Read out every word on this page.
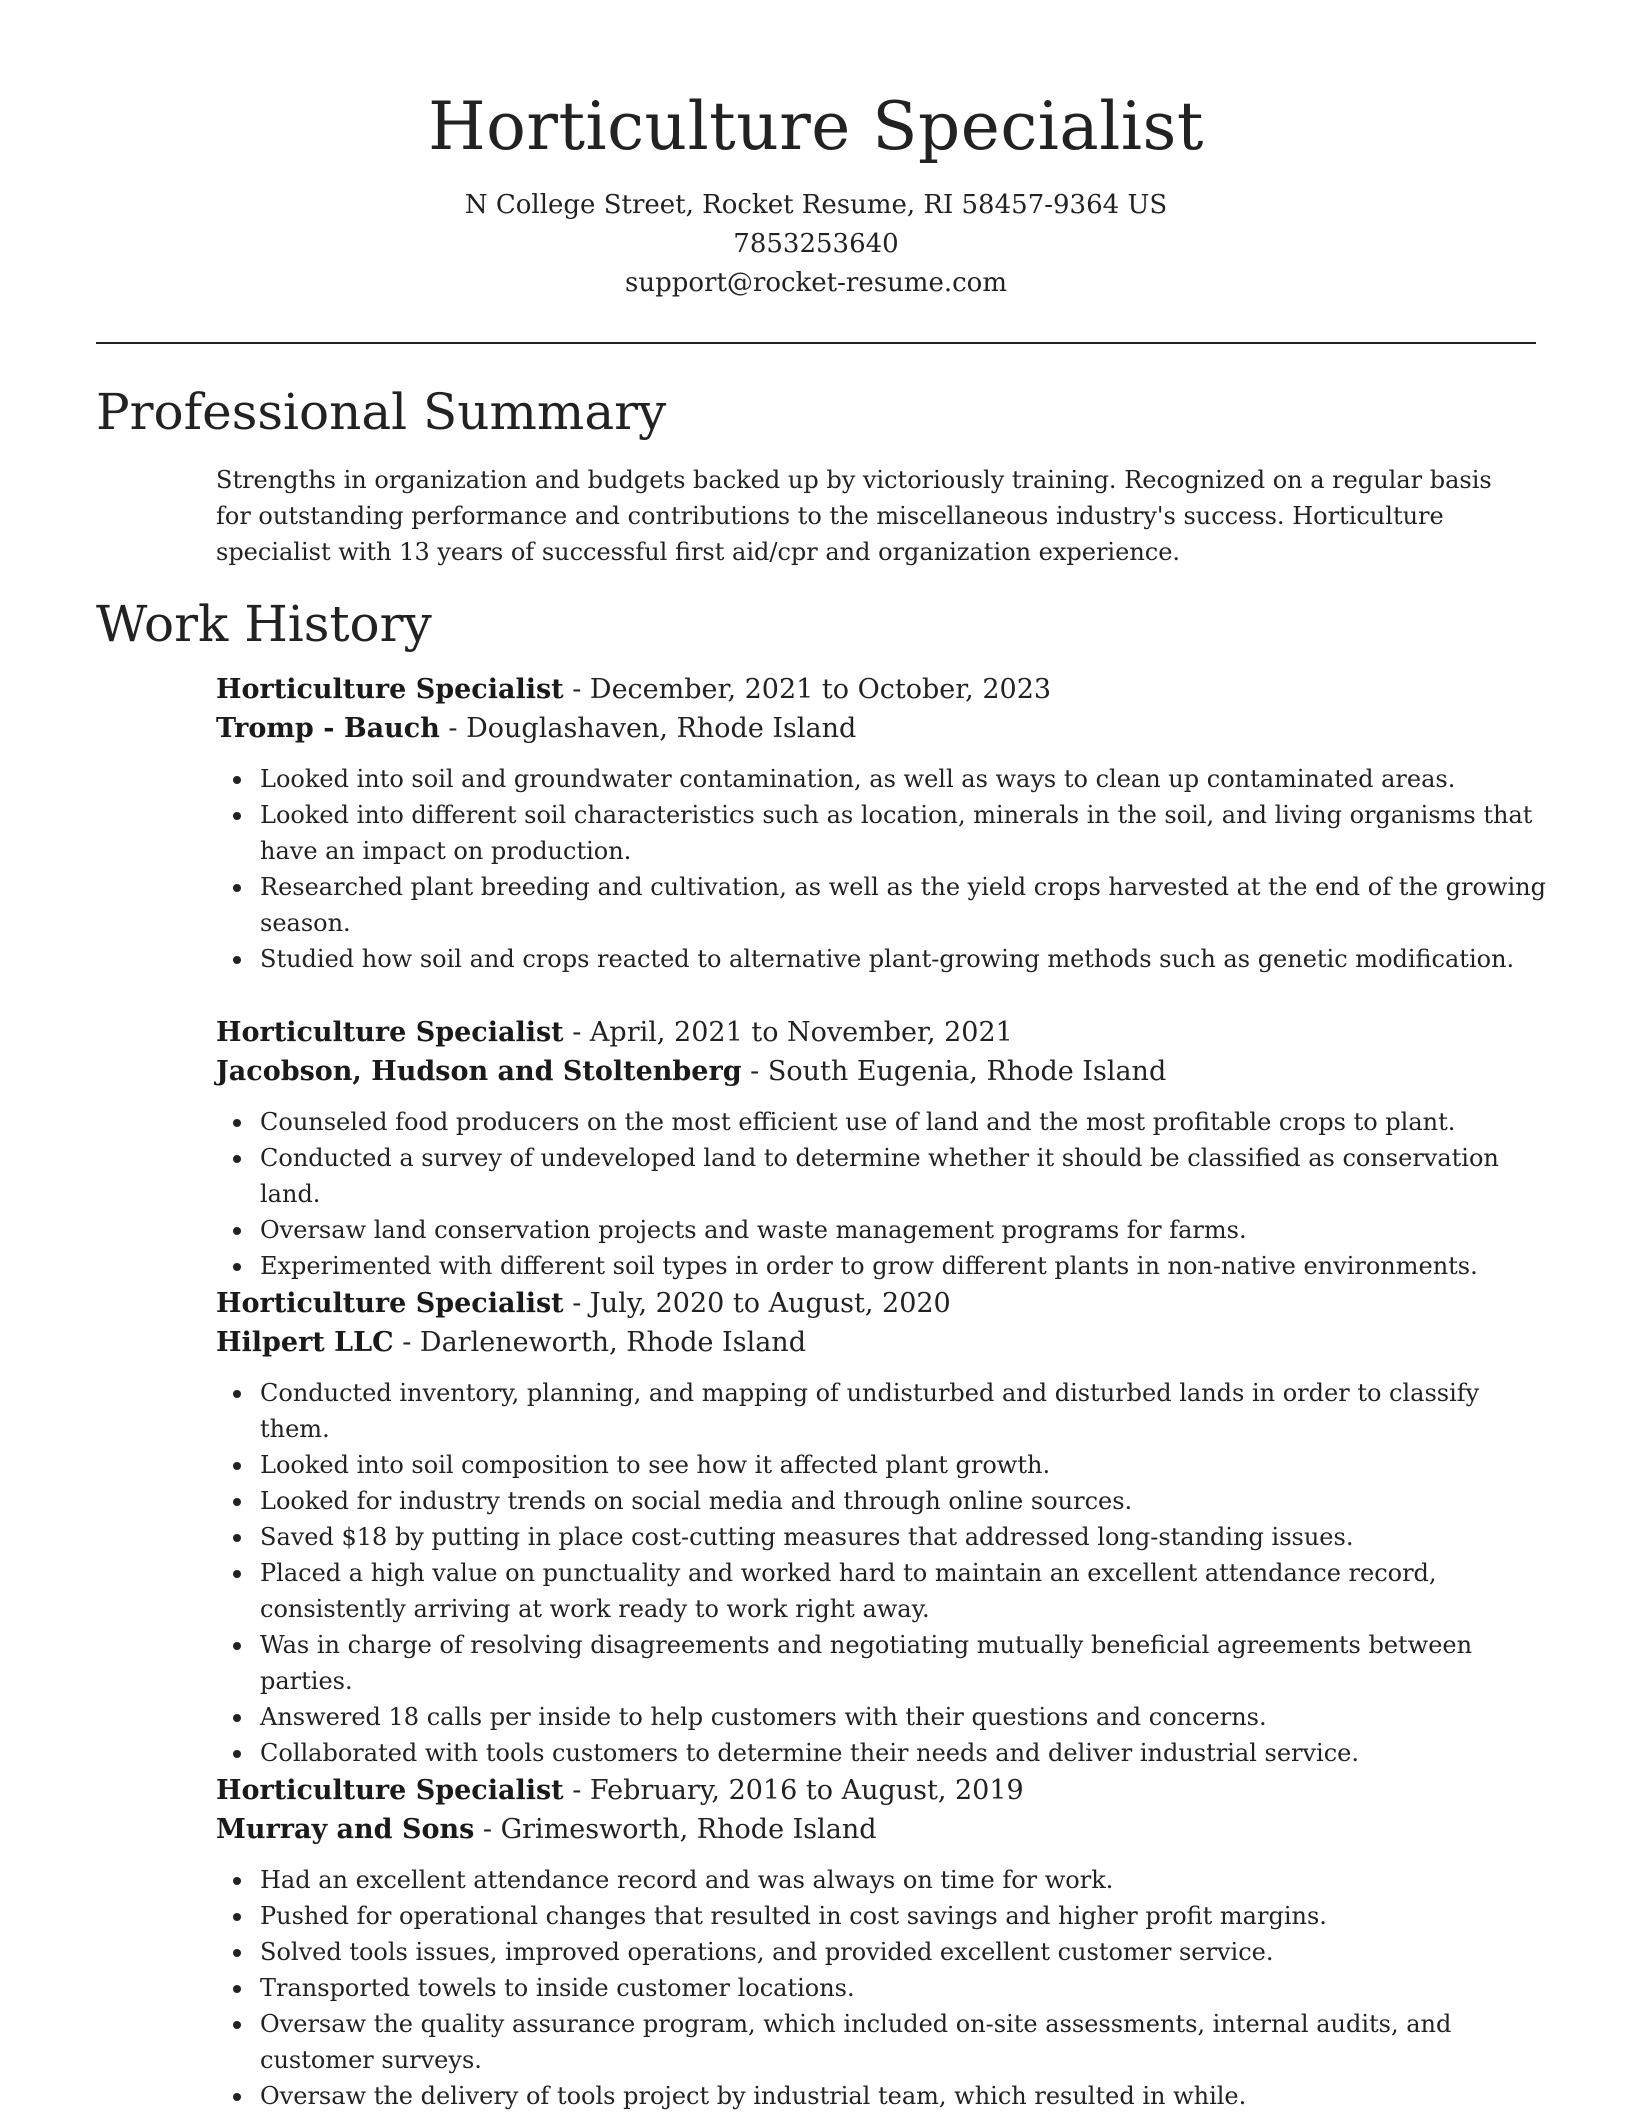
Horticulture Specialist
N College Street, Rocket Resume, RI 58457-9364 US
7853253640
support@rocket-resume.com
Professional Summary

Strengths in organization and budgets backed up by victoriously training. Recognized on a regular basis for outstanding performance and contributions to the miscellaneous industry's success. Horticulture specialist with 13 years of successful first aid/cpr and organization experience.

Work History
Horticulture Specialist - December, 2021 to October, 2023
Tromp - Bauch - Douglashaven, Rhode Island
Looked into soil and groundwater contamination, as well as ways to clean up contaminated areas.
Looked into different soil characteristics such as location, minerals in the soil, and living organisms that have an impact on production.
Researched plant breeding and cultivation, as well as the yield crops harvested at the end of the growing season.
Studied how soil and crops reacted to alternative plant-growing methods such as genetic modification.
Horticulture Specialist - April, 2021 to November, 2021
Jacobson, Hudson and Stoltenberg - South Eugenia, Rhode Island
Counseled food producers on the most efficient use of land and the most profitable crops to plant.
Conducted a survey of undeveloped land to determine whether it should be classified as conservation land.
Oversaw land conservation projects and waste management programs for farms.
Experimented with different soil types in order to grow different plants in non-native environments.
Horticulture Specialist - July, 2020 to August, 2020
Hilpert LLC - Darleneworth, Rhode Island
Conducted inventory, planning, and mapping of undisturbed and disturbed lands in order to classify them.
Looked into soil composition to see how it affected plant growth.
Looked for industry trends on social media and through online sources.
Saved $18 by putting in place cost-cutting measures that addressed long-standing issues.
Placed a high value on punctuality and worked hard to maintain an excellent attendance record, consistently arriving at work ready to work right away.
Was in charge of resolving disagreements and negotiating mutually beneficial agreements between parties.
Answered 18 calls per inside to help customers with their questions and concerns.
Collaborated with tools customers to determine their needs and deliver industrial service.
Horticulture Specialist - February, 2016 to August, 2019
Murray and Sons - Grimesworth, Rhode Island
Had an excellent attendance record and was always on time for work.
Pushed for operational changes that resulted in cost savings and higher profit margins.
Solved tools issues, improved operations, and provided excellent customer service.
Transported towels to inside customer locations.
Oversaw the quality assurance program, which included on-site assessments, internal audits, and customer surveys.
Oversaw the delivery of tools project by industrial team, which resulted in while.
